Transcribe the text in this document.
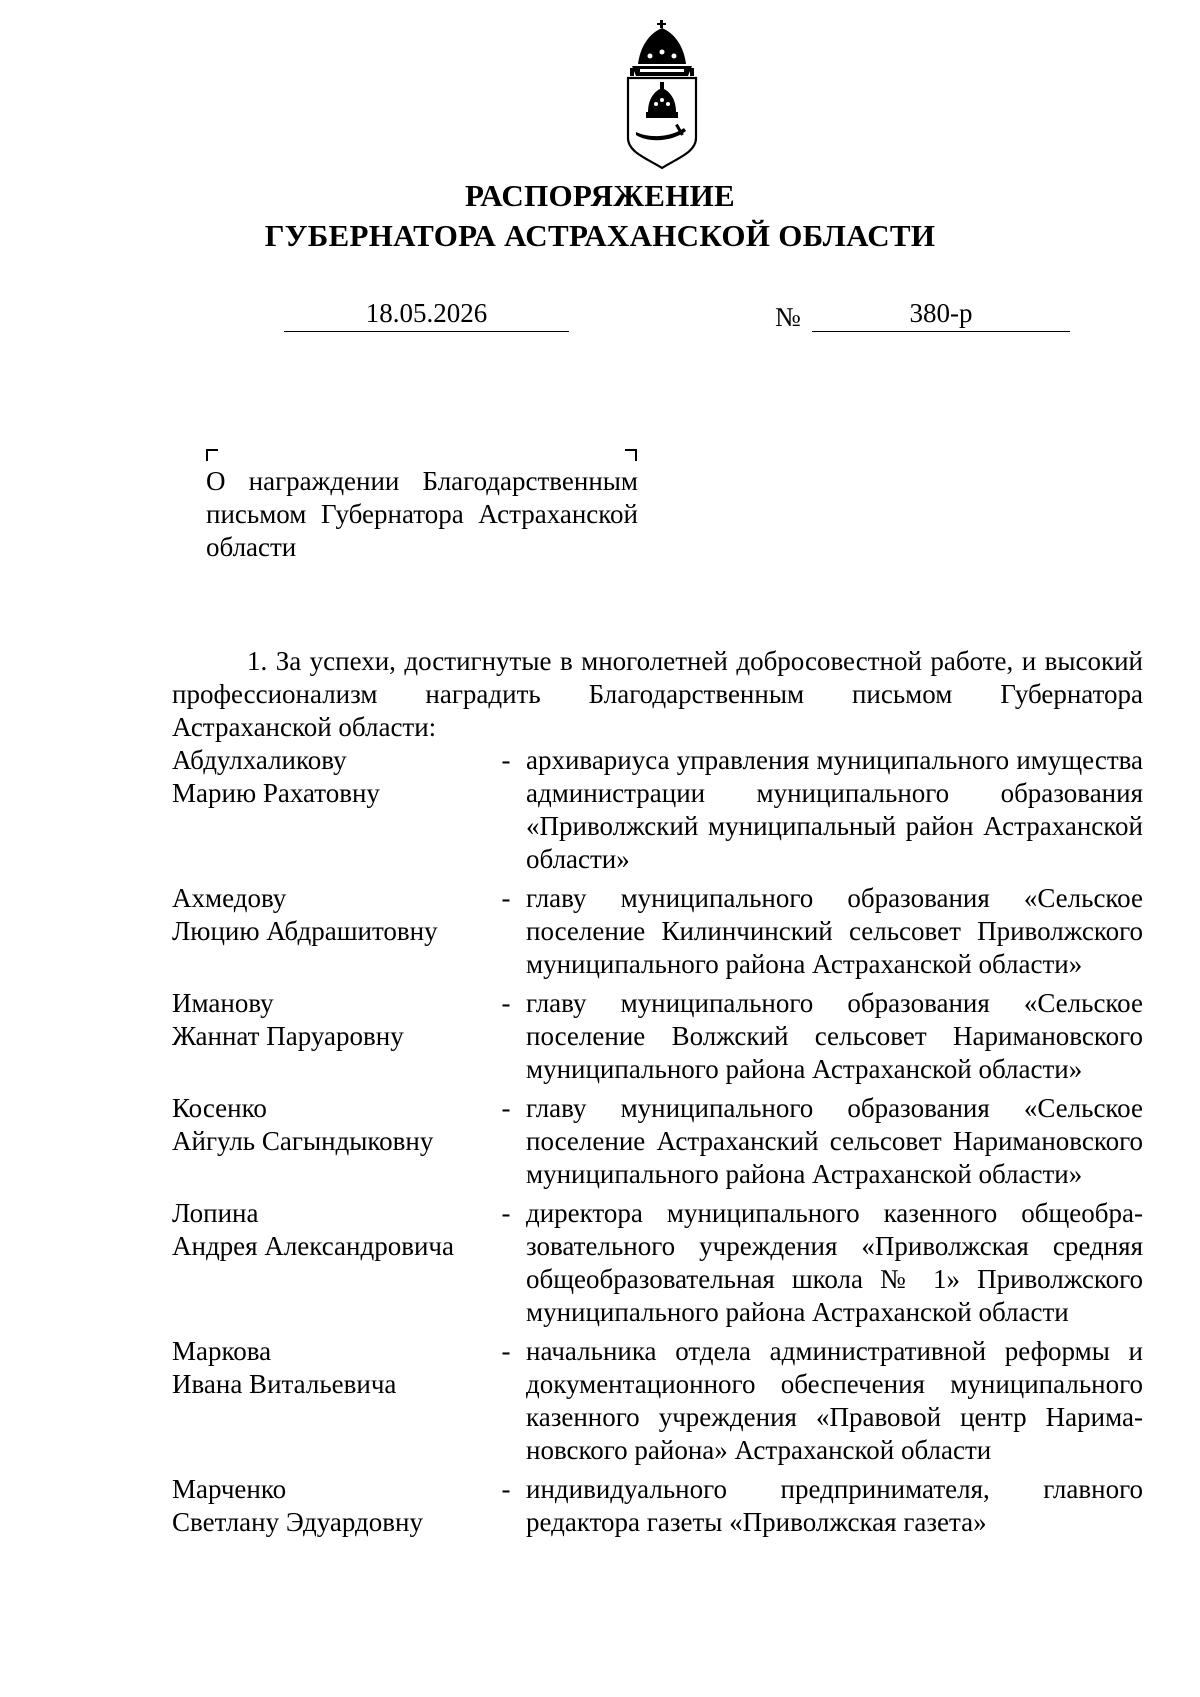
РАСПОРЯЖЕНИЕ
ГУБЕРНАТОРА АСТРАХАНСКОЙ ОБЛАСТИ
18.05.2026	№	380-р
О награждении Благодарственным письмом Губернатора Астраханской области
1. За успехи, достигнутые в многолетней добросовестной работе, и высокий профессионализм наградить Благодарственным письмом Губернатора Астраханской области:
Абдулхаликову
Марию Рахатовну
- архивариуса управления муниципального имущества администрации муниципального образования «Приволжский муниципальный район Астраханской области»
Ахмедову
Люцию Абдрашитовну
- главу муниципального образования «Сельское поселение Килинчинский сельсовет Приволжского муниципального района Астраханской области»
Иманову
Жаннат Паруаровну
- главу муниципального образования «Сельское поселение Волжский сельсовет Наримановского муниципального района Астраханской области»
Косенко
Айгуль Сагындыковну
- главу муниципального образования «Сельское поселение Астраханский сельсовет Наримановского муниципального района Астраханской области»
Лопина
Андрея Александровича
- директора муниципального казенного общеобразовательного учреждения «Приволжская средняя общеобразовательная школа № 1» Приволжского муниципального района Астраханской области
Маркова
Ивана Витальевича
- начальника отдела административной реформы и документационного обеспечения муниципального казенного учреждения «Правовой центр Наримановского района» Астраханской области
Марченко
Светлану Эдуардовну
- индивидуального предпринимателя, главного редактора газеты «Приволжская газета»
